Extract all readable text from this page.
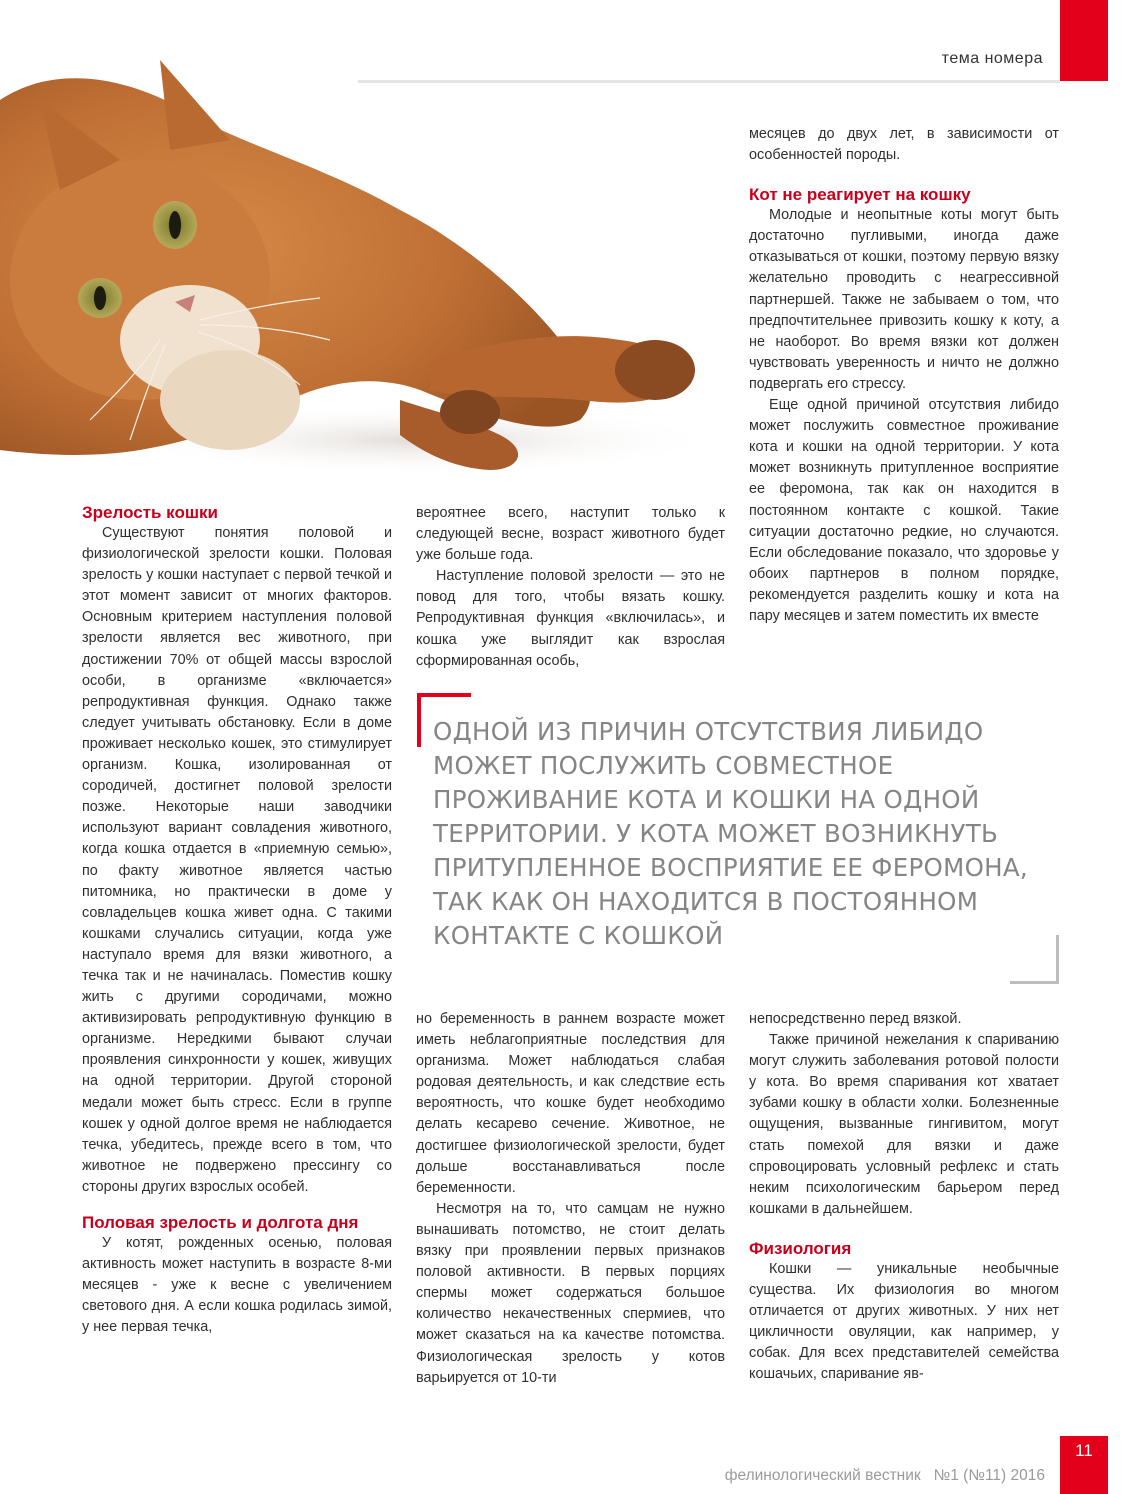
тема номера
Зрелость кошки

Существуют понятия половой и физиологической зрелости кошки. Половая зрелость у кошки наступает с первой течкой и этот момент зависит от многих факторов. Основным критерием наступления половой зрелости является вес животного, при достижении 70% от общей массы взрослой особи, в организме «включается» репродуктивная функция. Однако также следует учитывать обстановку. Если в доме проживает несколько кошек, это стимулирует организм. Кошка, изолированная от сородичей, достигнет половой зрелости позже. Некоторые наши заводчики используют вариант совладения животного, когда кошка отдается в «приемную семью», по факту животное является частью питомника, но практически в доме у совладельцев кошка живет одна. С такими кошками случались ситуации, когда уже наступало время для вязки животного, а течка так и не начиналась. Поместив кошку жить с другими сородичами, можно активизировать репродуктивную функцию в организме. Нередкими бывают случаи проявления синхронности у кошек, живущих на одной территории. Другой стороной медали может быть стресс. Если в группе кошек у одной долгое время не наблюдается течка, убедитесь, прежде всего в том, что животное не подвержено прессингу со стороны других взрослых особей.

Половая зрелость и долгота дня

У котят, рожденных осенью, половая активность может наступить в возрасте 8-ми месяцев - уже к весне с увеличением светового дня. А если кошка родилась зимой, у нее первая течка,

вероятнее всего, наступит только к следующей весне, возраст животного будет уже больше года.

Наступление половой зрелости — это не повод для того, чтобы вязать кошку. Репродуктивная функция «включилась», и кошка уже выглядит как взрослая сформированная особь,

месяцев до двух лет, в зависимости от особенностей породы.

Кот не реагирует на кошку

Молодые и неопытные коты могут быть достаточно пугливыми, иногда даже отказываться от кошки, поэтому первую вязку желательно проводить с неагрессивной партнершей. Также не забываем о том, что предпочтительнее привозить кошку к коту, а не наоборот. Во время вязки кот должен чувствовать уверенность и ничто не должно подвергать его стрессу.

Еще одной причиной отсутствия либидо может послужить совместное проживание кота и кошки на одной территории. У кота может возникнуть притупленное восприятие ее феромона, так как он находится в постоянном контакте с кошкой. Такие ситуации достаточно редкие, но случаются. Если обследование показало, что здоровье у обоих партнеров в полном порядке, рекомендуется разделить кошку и кота на пару месяцев и затем поместить их вместе

ОДНОЙ ИЗ ПРИЧИН ОТСУТСТВИЯ ЛИБИДО МОЖЕТ ПОСЛУЖИТЬ СОВМЕСТНОЕ ПРОЖИВАНИЕ КОТА И КОШКИ НА ОДНОЙ ТЕРРИТОРИИ. У КОТА МОЖЕТ ВОЗНИКНУТЬ ПРИТУПЛЕННОЕ ВОСПРИЯТИЕ ЕЕ ФЕРОМОНА, ТАК КАК ОН НАХОДИТСЯ В ПОСТОЯННОМ КОНТАКТЕ С КОШКОЙ

но беременность в раннем возрасте может иметь неблагоприятные последствия для организма. Может наблюдаться слабая родовая деятельность, и как следствие есть вероятность, что кошке будет необходимо делать кесарево сечение. Животное, не достигшее физиологической зрелости, будет дольше восстанавливаться после беременности.

Несмотря на то, что самцам не нужно вынашивать потомство, не стоит делать вязку при проявлении первых признаков половой активности. В первых порциях спермы может содержаться большое количество некачественных спермиев, что может сказаться на ка качестве потомства. Физиологическая зрелость у котов варьируется от 10-ти

непосредственно перед вязкой.

Также причиной нежелания к спариванию могут служить заболевания ротовой полости у кота. Во время спаривания кот хватает зубами кошку в области холки. Болезненные ощущения, вызванные гингивитом, могут стать помехой для вязки и даже спровоцировать условный рефлекс и стать неким психологическим барьером перед кошками в дальнейшем.

Физиология

Кошки — уникальные необычные существа. Их физиология во многом отличается от других животных. У них нет цикличности овуляции, как например, у собак. Для всех представителей семейства кошачьих, спаривание яв-

фелинологический вестник №1 (№11) 2016
11
